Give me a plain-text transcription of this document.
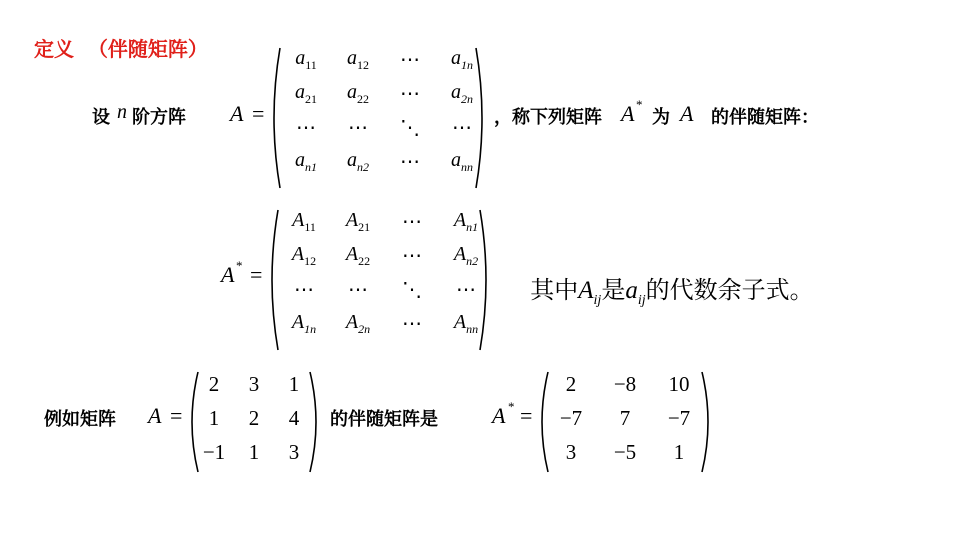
定义  （伴随矩阵）
设 n 阶方阵 A =
$a_{11}$	$a_{12}$	⋯	$a_{1n}$
$a_{21}$	$a_{22}$	⋯	$a_{2n}$
⋯	⋯	⋱	⋯
$a_{n1}$	$a_{n2}$	⋯	$a_{nn}$
，称下列矩阵 A *
为 A 的伴随矩阵：
A * =
$A_{11}$	$A_{21}$	⋯	$A_{n1}$
$A_{12}$	$A_{22}$	⋯	$A_{n2}$
⋯	⋯	⋱	⋯
$A_{1n}$	$A_{2n}$	⋯	$A_{nn}$

其中$A_{ij}$是$a_{ij}$的代数余子式。

例如矩阵 A =
2	3	1
1	2	4
−1	1	3
的伴随矩阵是 A * =
2	−8	10
−7	7	−7
3	−5	1
